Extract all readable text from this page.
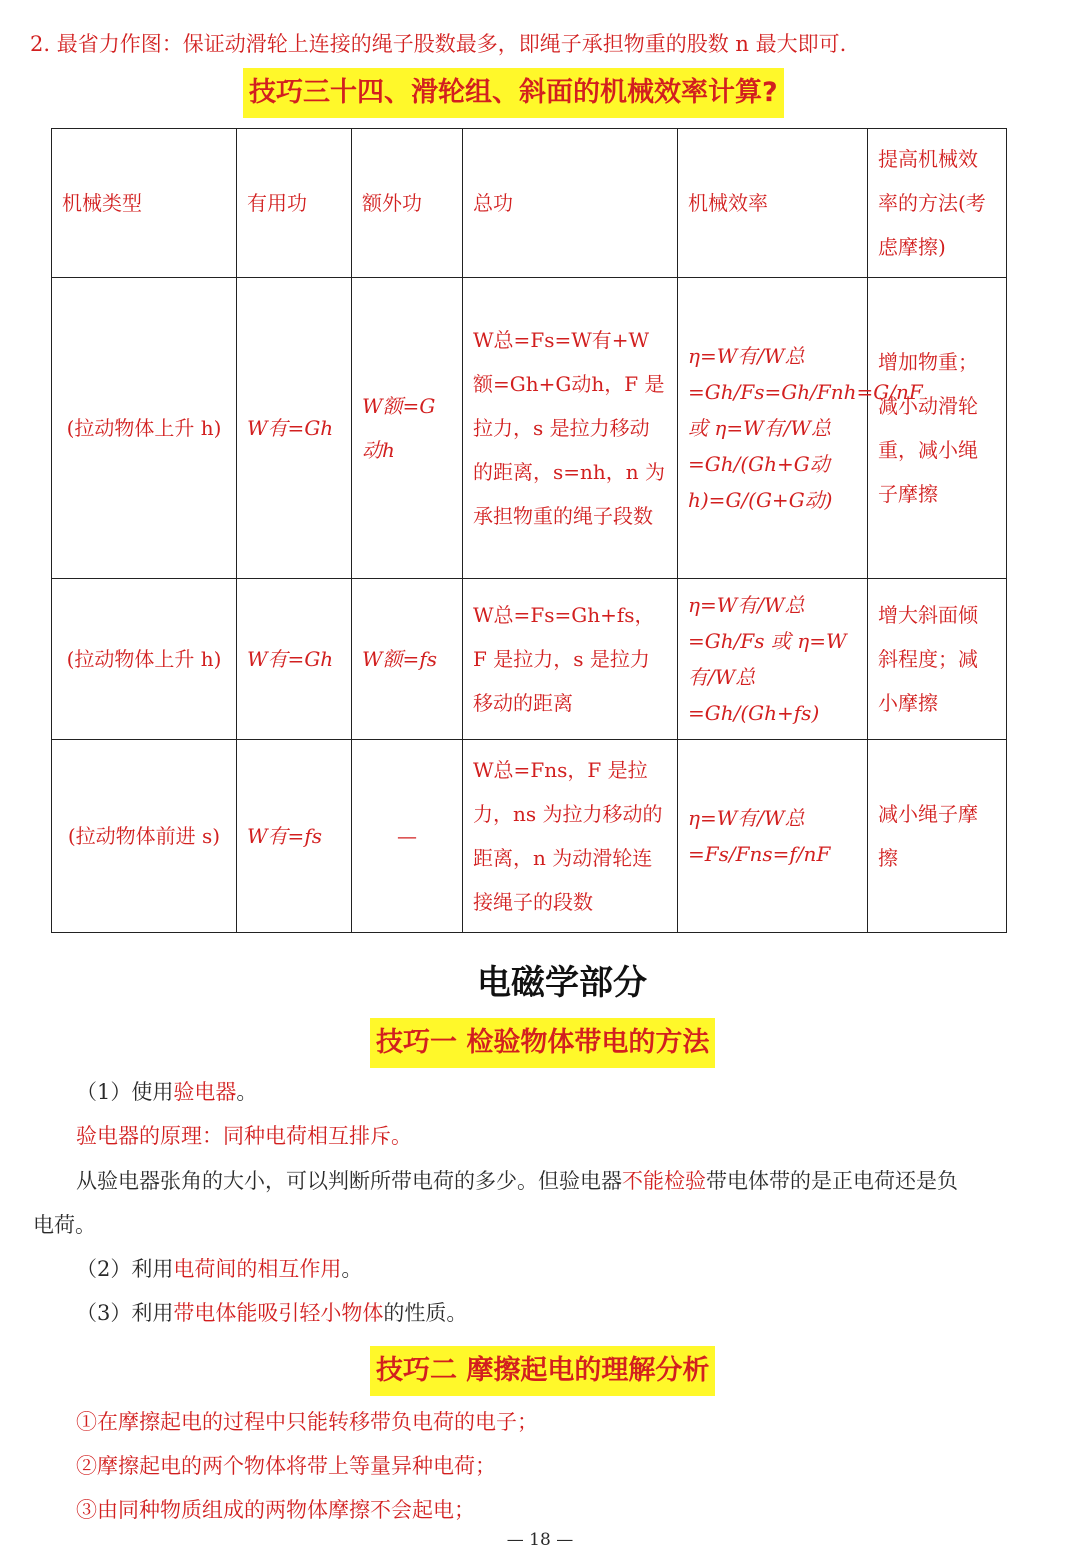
2. 最省力作图：保证动滑轮上连接的绳子股数最多，即绳子承担物重的股数 n 最大即可.
技巧三十四、滑轮组、斜面的机械效率计算?
机械类型	有用功	额外功	总功	机械效率	提高机械效率的方法(考虑摩擦)
(拉动物体上升 h)	W有=Gh	W额=G动h	W总=Fs=W有+W额=Gh+G动h，F 是拉力，s 是拉力移动的距离，s=nh，n 为承担物重的绳子段数	η=W有/W总=Gh/Fs=Gh/Fnh=G/nF 或 η=W有/W总=Gh/(Gh+G动h)=G/(G+G动)	增加物重；减小动滑轮重，减小绳子摩擦
(拉动物体上升 h)	W有=Gh	W额=fs	W总=Fs=Gh+fs，F 是拉力，s 是拉力移动的距离	η=W有/W总=Gh/Fs 或 η=W有/W总=Gh/(Gh+fs)	增大斜面倾斜程度；减小摩擦
(拉动物体前进 s)	W有=fs	—	W总=Fns，F 是拉力，ns 为拉力移动的距离，n 为动滑轮连接绳子的段数	η=W有/W总=Fs/Fns=f/nF	减小绳子摩擦
电磁学部分
技巧一 检验物体带电的方法
（1）使用验电器。
验电器的原理：同种电荷相互排斥。
从验电器张角的大小，可以判断所带电荷的多少。但验电器不能检验带电体带的是正电荷还是负
电荷。
（2）利用电荷间的相互作用。
（3）利用带电体能吸引轻小物体的性质。
技巧二 摩擦起电的理解分析
①在摩擦起电的过程中只能转移带负电荷的电子；
②摩擦起电的两个物体将带上等量异种电荷；
③由同种物质组成的两物体摩擦不会起电；
— 18 —
